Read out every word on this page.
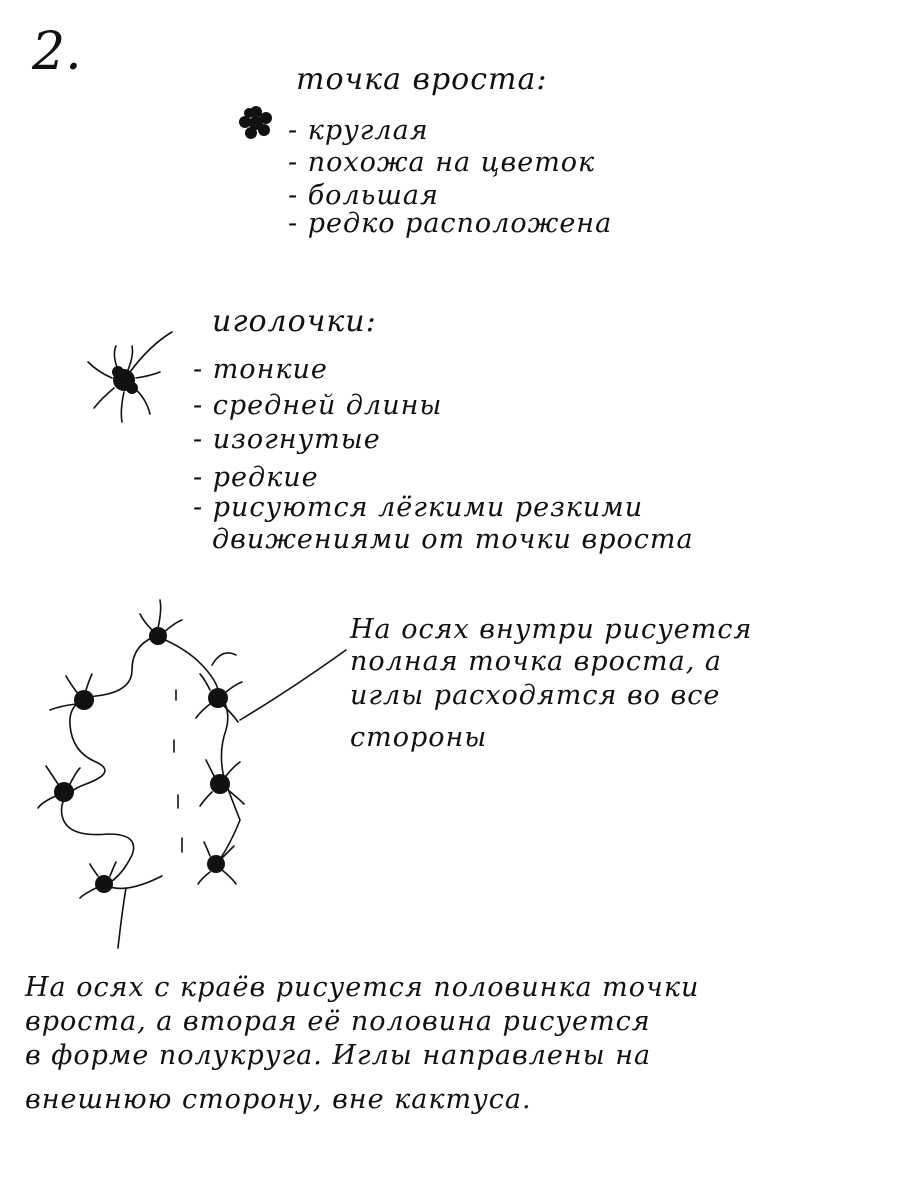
2.	точка вроста:
- круглая
- похожа на цветок
- большая
- редко расположена
иголочки:
- тонкие
- средней длины
- изогнутые
- редкие
- рисуются лёгкими резкими
движениями от точки вроста
На осях внутри рисуется
полная точка вроста, а
иглы расходятся во все
стороны
На осях с краёв рисуется половинка точки
вроста, а вторая её половина рисуется
в форме полукруга. Иглы направлены на
внешнюю сторону, вне кактуса.
